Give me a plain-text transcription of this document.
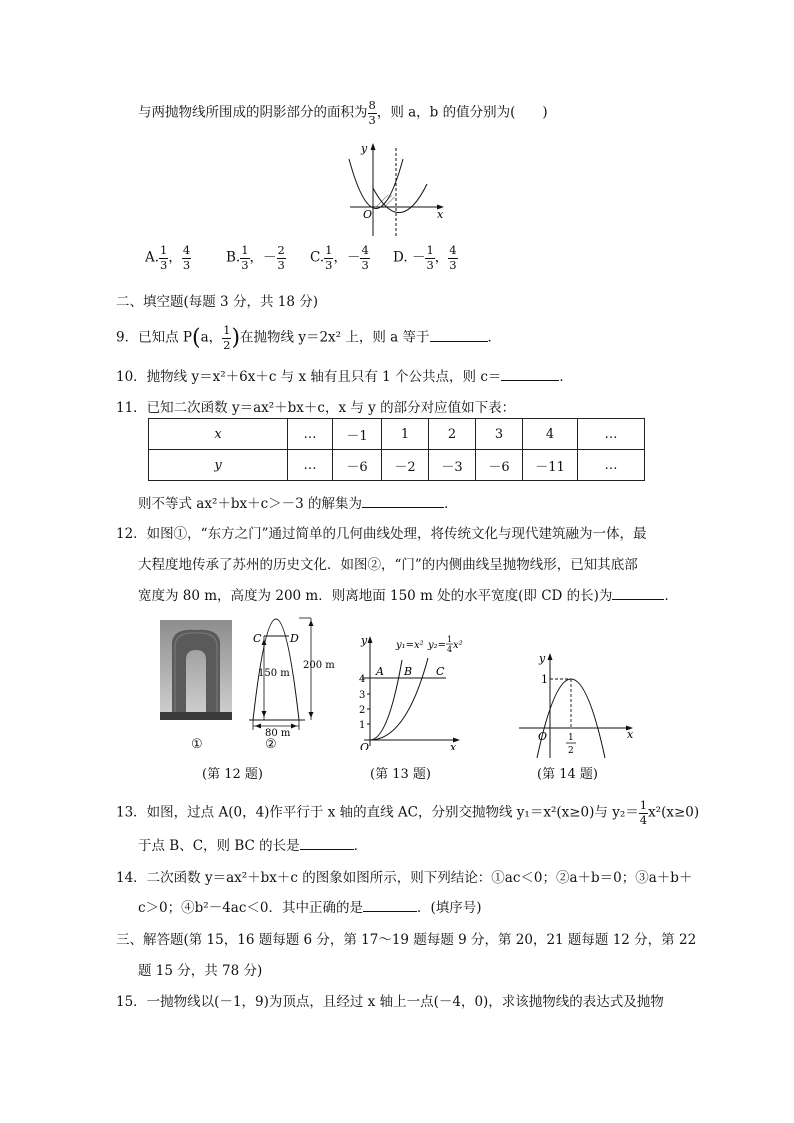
与两抛物线所围成的阴影部分的面积为 $\frac{8}{3}$ ，则 a，b 的值分别为(　　)
y
x
O
A. $\frac{1}{3}$ ， $\frac{4}{3}$	B. $\frac{1}{3}$ ，－ $\frac{2}{3} C$. $\frac{1}{3}$ ，－ $\frac{4}{3} D$. － $\frac{1}{3}$ ， $\frac{4}{3}$
二、填空题(每题 3 分，共 18 分)
9．已知点 P(a， $\frac{1}{2}$ )在抛物线 y＝2x² 上，则 a 等于	．
10．抛物线 y＝x²＋6x＋c 与 x 轴有且只有 1 个公共点，则 c＝	．
11．已知二次函数 y＝ax²＋bx＋c，x 与 y 的部分对应值如下表：
x	…	－1	1	2	3	4	…
y	…	－6	－2	－3	－6	－11	…
则不等式 ax²＋bx＋c＞－3 的解集为	．
12．如图①，“东方之门”通过简单的几何曲线处理，将传统文化与现代建筑融为一体，最
大程度地传承了苏州的历史文化．如图②，“门”的内侧曲线呈抛物线形，已知其底部
宽度为 80 m，高度为 200 m．则离地面 150 m 处的水平宽度(即 CD 的长)为	．
C	D
200 m
150 m
80 m
①	②
(第 12 题)
y
x
O
4
3
2
1
A B C
y₁=x² y₂=
1
4 x²
(第 13 题)
1
O	x
y
1
2
(第 14 题)
13．如图，过点 A(0，4)作平行于 x 轴的直线 AC，分别交抛物线 y₁＝x²(x≥0)与 $y_2= \frac{1}{4} x^2(x\ge 0)$
于点 B、C，则 BC 的长是	．
14．二次函数 y＝ax²＋bx＋c 的图象如图所示，则下列结论：①ac＜0；②a＋b＝0；③a＋b＋
c＞0；④b²－4ac＜0．其中正确的是	．(填序号)
三、解答题(第 15，16 题每题 6 分，第 17～19 题每题 9 分，第 20，21 题每题 12 分，第 22
题 15 分，共 78 分)
15．一抛物线以(－1，9)为顶点，且经过 x 轴上一点(－4，0)，求该抛物线的表达式及抛物
